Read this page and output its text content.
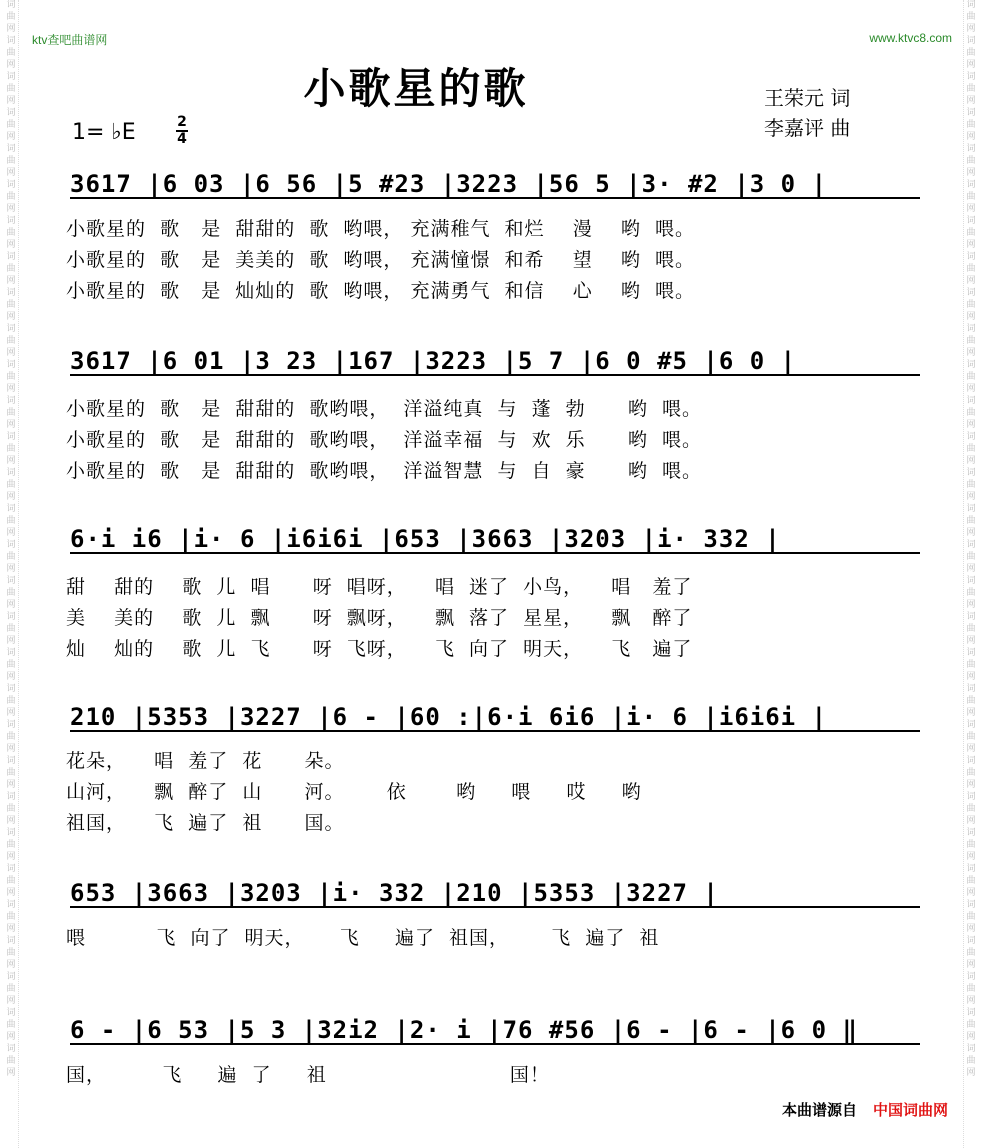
词
曲
网
词
曲
网
词
曲
网
词
曲
网
词
曲
网
词
曲
网
词
曲
网
词
曲
网
词
曲
网
词
曲
网
词
曲
网
词
曲
网
词
曲
网
词
曲
网
词
曲
网
词
曲
网
词
曲
网
词
曲
网
词
曲
网
词
曲
网
词
曲
网
词
曲
网
词
曲
网
词
曲
网
词
曲
网
词
曲
网
词
曲
网
词
曲
网
词
曲
网
词
曲
网
词
曲
网
词
曲
网
词
曲
网
词
曲
网
词
曲
网
词
曲
网
词
曲
网
词
曲
网
词
曲
网
词
曲
网
词
曲
网
词
曲
网
词
曲
网
词
曲
网
词
曲
网
词
曲
网
词
曲
网
词
曲
网
词
曲
网
词
曲
网
词
曲
网
词
曲
网
词
曲
网
词
曲
网
词
曲
网
词
曲
网
词
曲
网
词
曲
网
词
曲
网
词
曲
网
ktv查吧曲谱网	www.ktvc8.com
小歌星的歌	王荣元 词
李嘉评 曲
1= ♭E	2
4
3617 |6 03 |6 56 |5 #23 |3223 |56 5 |3· #2 |3 0 |
小歌星的  歌   是  甜甜的  歌  哟喂， 充满稚气  和烂    漫    哟  喂。
小歌星的  歌   是  美美的  歌  哟喂， 充满憧憬  和希    望    哟  喂。
小歌星的  歌   是  灿灿的  歌  哟喂， 充满勇气  和信    心    哟  喂。
3617 |6 01 |3 23 |167 |3223 |5 7 |6 0 #5 |6 0 |
小歌星的  歌   是  甜甜的  歌哟喂，  洋溢纯真  与  蓬  勃      哟  喂。
小歌星的  歌   是  甜甜的  歌哟喂，  洋溢幸福  与  欢  乐      哟  喂。
小歌星的  歌   是  甜甜的  歌哟喂，  洋溢智慧  与  自  豪      哟  喂。
6·i i6 |i· 6 |i6i6i |653 |3663 |3203 |i· 332 |
甜    甜的    歌  儿  唱      呀  唱呀，    唱  迷了  小鸟，    唱   羞了
美    美的    歌  儿  飘      呀  飘呀，    飘  落了  星星，    飘   醉了
灿    灿的    歌  儿  飞      呀  飞呀，    飞  向了  明天，    飞   遍了
210 |5353 |3227 |6 - |60 :|6·i 6i6 |i· 6 |i6i6i |
花朵，    唱  羞了  花      朵。
山河，    飘  醉了  山      河。      依       哟     喂     哎     哟
祖国，    飞  遍了  祖      国。
653 |3663 |3203 |i· 332 |210 |5353 |3227 |
喂          飞  向了  明天，     飞     遍了  祖国，      飞  遍了  祖
6 - |6 53 |5 3 |32i2 |2· i |76 #56 |6 - |6 - |6 0 ‖
国，        飞     遍  了     祖                          国！
本曲谱源自 中国词曲网
